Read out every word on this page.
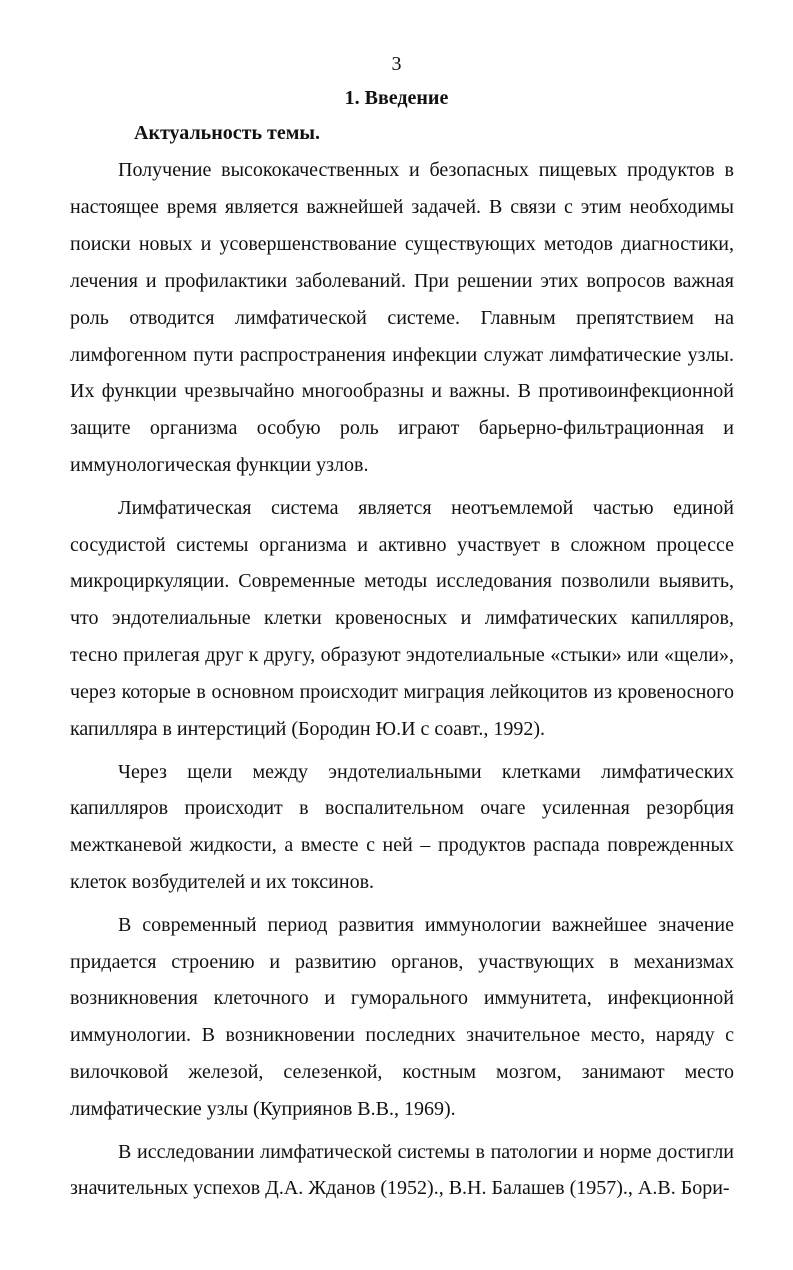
3
1. Введение
Актуальность темы.

Получение высококачественных и безопасных пищевых продуктов в настоящее время является важнейшей задачей. В связи с этим необходимы поиски новых и усовершенствование существующих методов диагностики, лечения и профилактики заболеваний. При решении этих вопросов важная роль отводится лимфатической системе. Главным препятствием на лимфогенном пути распространения инфекции служат лимфатические узлы. Их функции чрезвычайно многообразны и важны. В противоинфекционной защите организма особую роль играют барьерно-фильтрационная и иммунологическая функции узлов.

Лимфатическая система является неотъемлемой частью единой сосудистой системы организма и активно участвует в сложном процессе микроциркуляции. Современные методы исследования позволили выявить, что эндотелиальные клетки кровеносных и лимфатических капилляров, тесно прилегая друг к другу, образуют эндотелиальные «стыки» или «щели», через которые в основном происходит миграция лейкоцитов из кровеносного капилляра в интерстиций (Бородин Ю.И с соавт., 1992).

Через щели между эндотелиальными клетками лимфатических капилляров происходит в воспалительном очаге усиленная резорбция межтканевой жидкости, а вместе с ней – продуктов распада поврежденных клеток возбудителей и их токсинов.

В современный период развития иммунологии важнейшее значение придается строению и развитию органов, участвующих в механизмах возникновения клеточного и гуморального иммунитета, инфекционной иммунологии. В возникновении последних значительное место, наряду с вилочковой железой, селезенкой, костным мозгом, занимают место лимфатические узлы (Куприянов В.В., 1969).

В исследовании лимфатической системы в патологии и норме достигли значительных успехов Д.А. Жданов (1952)., В.Н. Балашев (1957)., А.В. Бори-
